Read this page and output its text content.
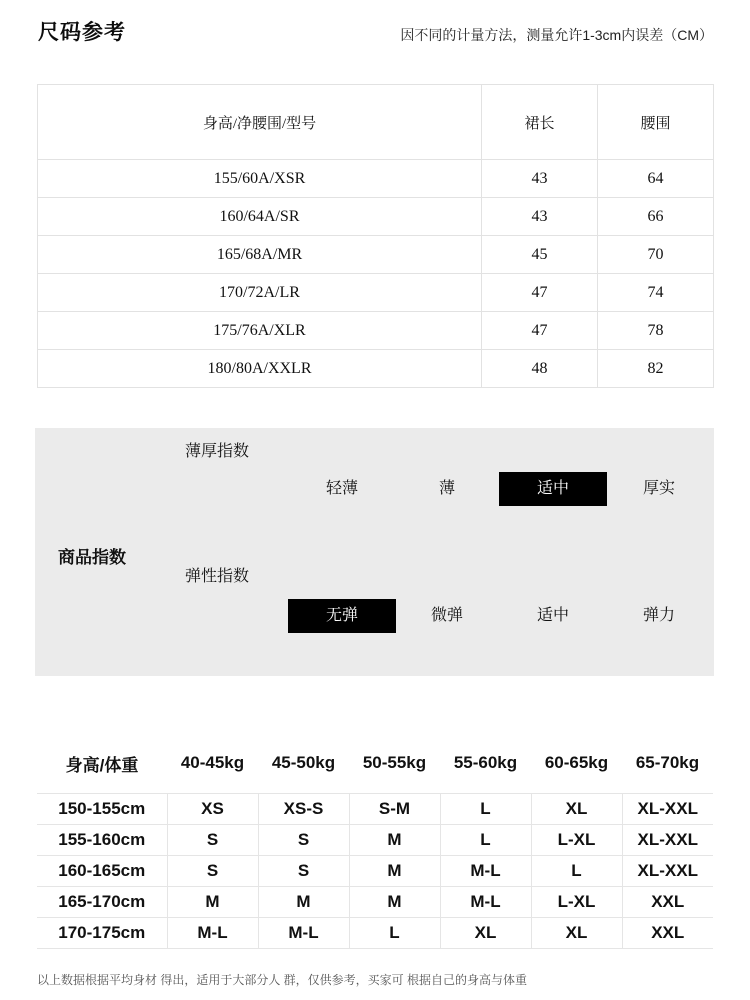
尺码参考	因不同的计量方法，测量允许1-3cm内误差（CM）
身高/净腰围/型号	裙长	腰围
155/60A/XSR	43	64
160/64A/SR	43	66
165/68A/MR	45	70
170/72A/LR	47	74
175/76A/XLR	47	78
180/80A/XXLR	48	82
商品指数
薄厚指数
轻薄	薄	适中	厚实
弹性指数
无弹	微弹	适中	弹力
身高/体重	40-45kg	45-50kg	50-55kg	55-60kg	60-65kg	65-70kg
150-155cm	XS	XS-S	S-M	L	XL	XL-XXL
155-160cm	S	S	M	L	L-XL	XL-XXL
160-165cm	S	S	M	M-L	L	XL-XXL
165-170cm	M	M	M	M-L	L-XL	XXL
170-175cm	M-L	M-L	L	XL	XL	XXL
以上数据根据平均身材 得出，适用于大部分人 群，仅供参考，买家可 根据自己的身高与体重
